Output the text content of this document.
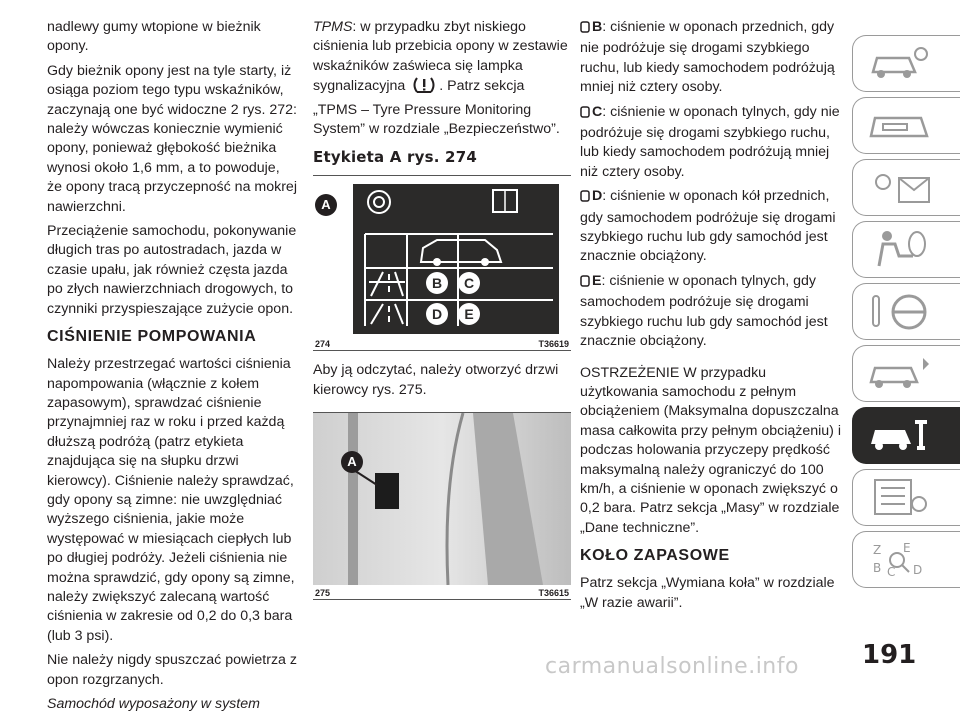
nadlewy gumy wtopione w bieżnik opony.

Gdy bieżnik opony jest na tyle starty, iż osiąga poziom tego typu wskaźników, zaczynają one być widoczne 2 rys. 272: należy wówczas koniecznie wymienić opony, ponieważ głębokość bieżnika wynosi około 1,6 mm, a to powoduje, że opony tracą przyczepność na mokrej nawierzchni.

Przeciążenie samochodu, pokonywanie długich tras po autostradach, jazda w czasie upału, jak również częsta jazda po złych nawierzchniach drogowych, to czynniki przyspieszające zużycie opon.

CIŚNIENIE POMPOWANIA

Należy przestrzegać wartości ciśnienia napompowania (włącznie z kołem zapasowym), sprawdzać ciśnienie przynajmniej raz w roku i przed każdą dłuższą podróżą (patrz etykieta znajdująca się na słupku drzwi kierowcy). Ciśnienie należy sprawdzać, gdy opony są zimne: nie uwzględniać wyższego ciśnienia, jakie może występować w miesiącach ciepłych lub po długiej podróży. Jeżeli ciśnienia nie można sprawdzić, gdy opony są zimne, należy zwiększyć zalecaną wartość ciśnienia w zakresie od 0,2 do 0,3 bara (lub 3 psi).

Nie należy nigdy spuszczać powietrza z opon rozgrzanych.

Samochód wyposażony w system

TPMS: w przypadku zbyt niskiego ciśnienia lub przebicia opony w zestawie wskaźników zaświeca się lampka sygnalizacyjna . Patrz sekcja „TPMS – Tyre Pressure Monitoring System” w rozdziale „Bezpieczeństwo”.

Etykieta A rys. 274
A
B	C
D	E
274	T36619

Aby ją odczytać, należy otworzyć drzwi kierowcy rys. 275.

A
275	T36615

B: ciśnienie w oponach przednich, gdy nie podróżuje się drogami szybkiego ruchu, lub kiedy samochodem podróżują mniej niż cztery osoby.

C: ciśnienie w oponach tylnych, gdy nie podróżuje się drogami szybkiego ruchu, lub kiedy samochodem podróżują mniej niż cztery osoby.

D: ciśnienie w oponach kół przednich, gdy samochodem podróżuje się drogami szybkiego ruchu lub gdy samochód jest znacznie obciążony.

E: ciśnienie w oponach tylnych, gdy samochodem podróżuje się drogami szybkiego ruchu lub gdy samochód jest znacznie obciążony.

OSTRZEŻENIE W przypadku użytkowania samochodu z pełnym obciążeniem (Maksymalna dopuszczalna masa całkowita przy pełnym obciążeniu) i podczas holowania przyczepy prędkość maksymalną należy ograniczyć do 100 km/h, a ciśnienie w oponach zwiększyć o 0,2 bara. Patrz sekcja „Masy” w rozdziale „Dane techniczne”.

KOŁO ZAPASOWE

Patrz sekcja „Wymiana koła” w rozdziale „W razie awarii”.

Z E
B C D
191
carmanualsonline.info
